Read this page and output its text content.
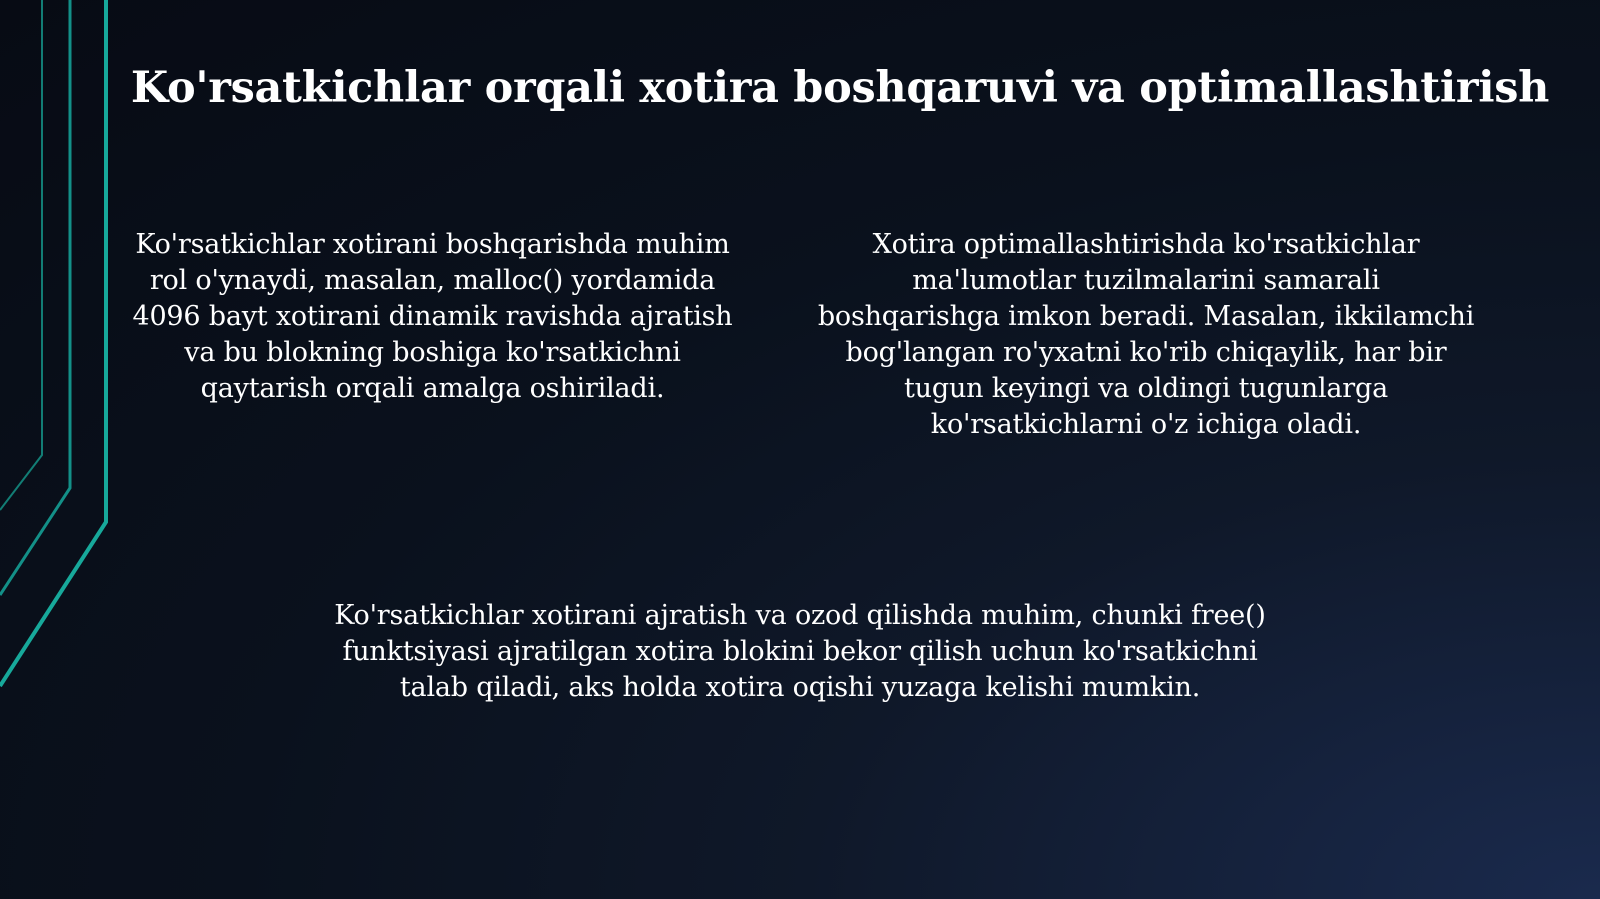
Ko'rsatkichlar orqali xotira boshqaruvi va optimallashtirish
Ko'rsatkichlar xotirani boshqarishda muhim
rol o'ynaydi, masalan, malloc() yordamida
4096 bayt xotirani dinamik ravishda ajratish
va bu blokning boshiga ko'rsatkichni
qaytarish orqali amalga oshiriladi.
Xotira optimallashtirishda ko'rsatkichlar
ma'lumotlar tuzilmalarini samarali
boshqarishga imkon beradi. Masalan, ikkilamchi
bog'langan ro'yxatni ko'rib chiqaylik, har bir
tugun keyingi va oldingi tugunlarga
ko'rsatkichlarni o'z ichiga oladi.
Ko'rsatkichlar xotirani ajratish va ozod qilishda muhim, chunki free()
funktsiyasi ajratilgan xotira blokini bekor qilish uchun ko'rsatkichni
talab qiladi, aks holda xotira oqishi yuzaga kelishi mumkin.
